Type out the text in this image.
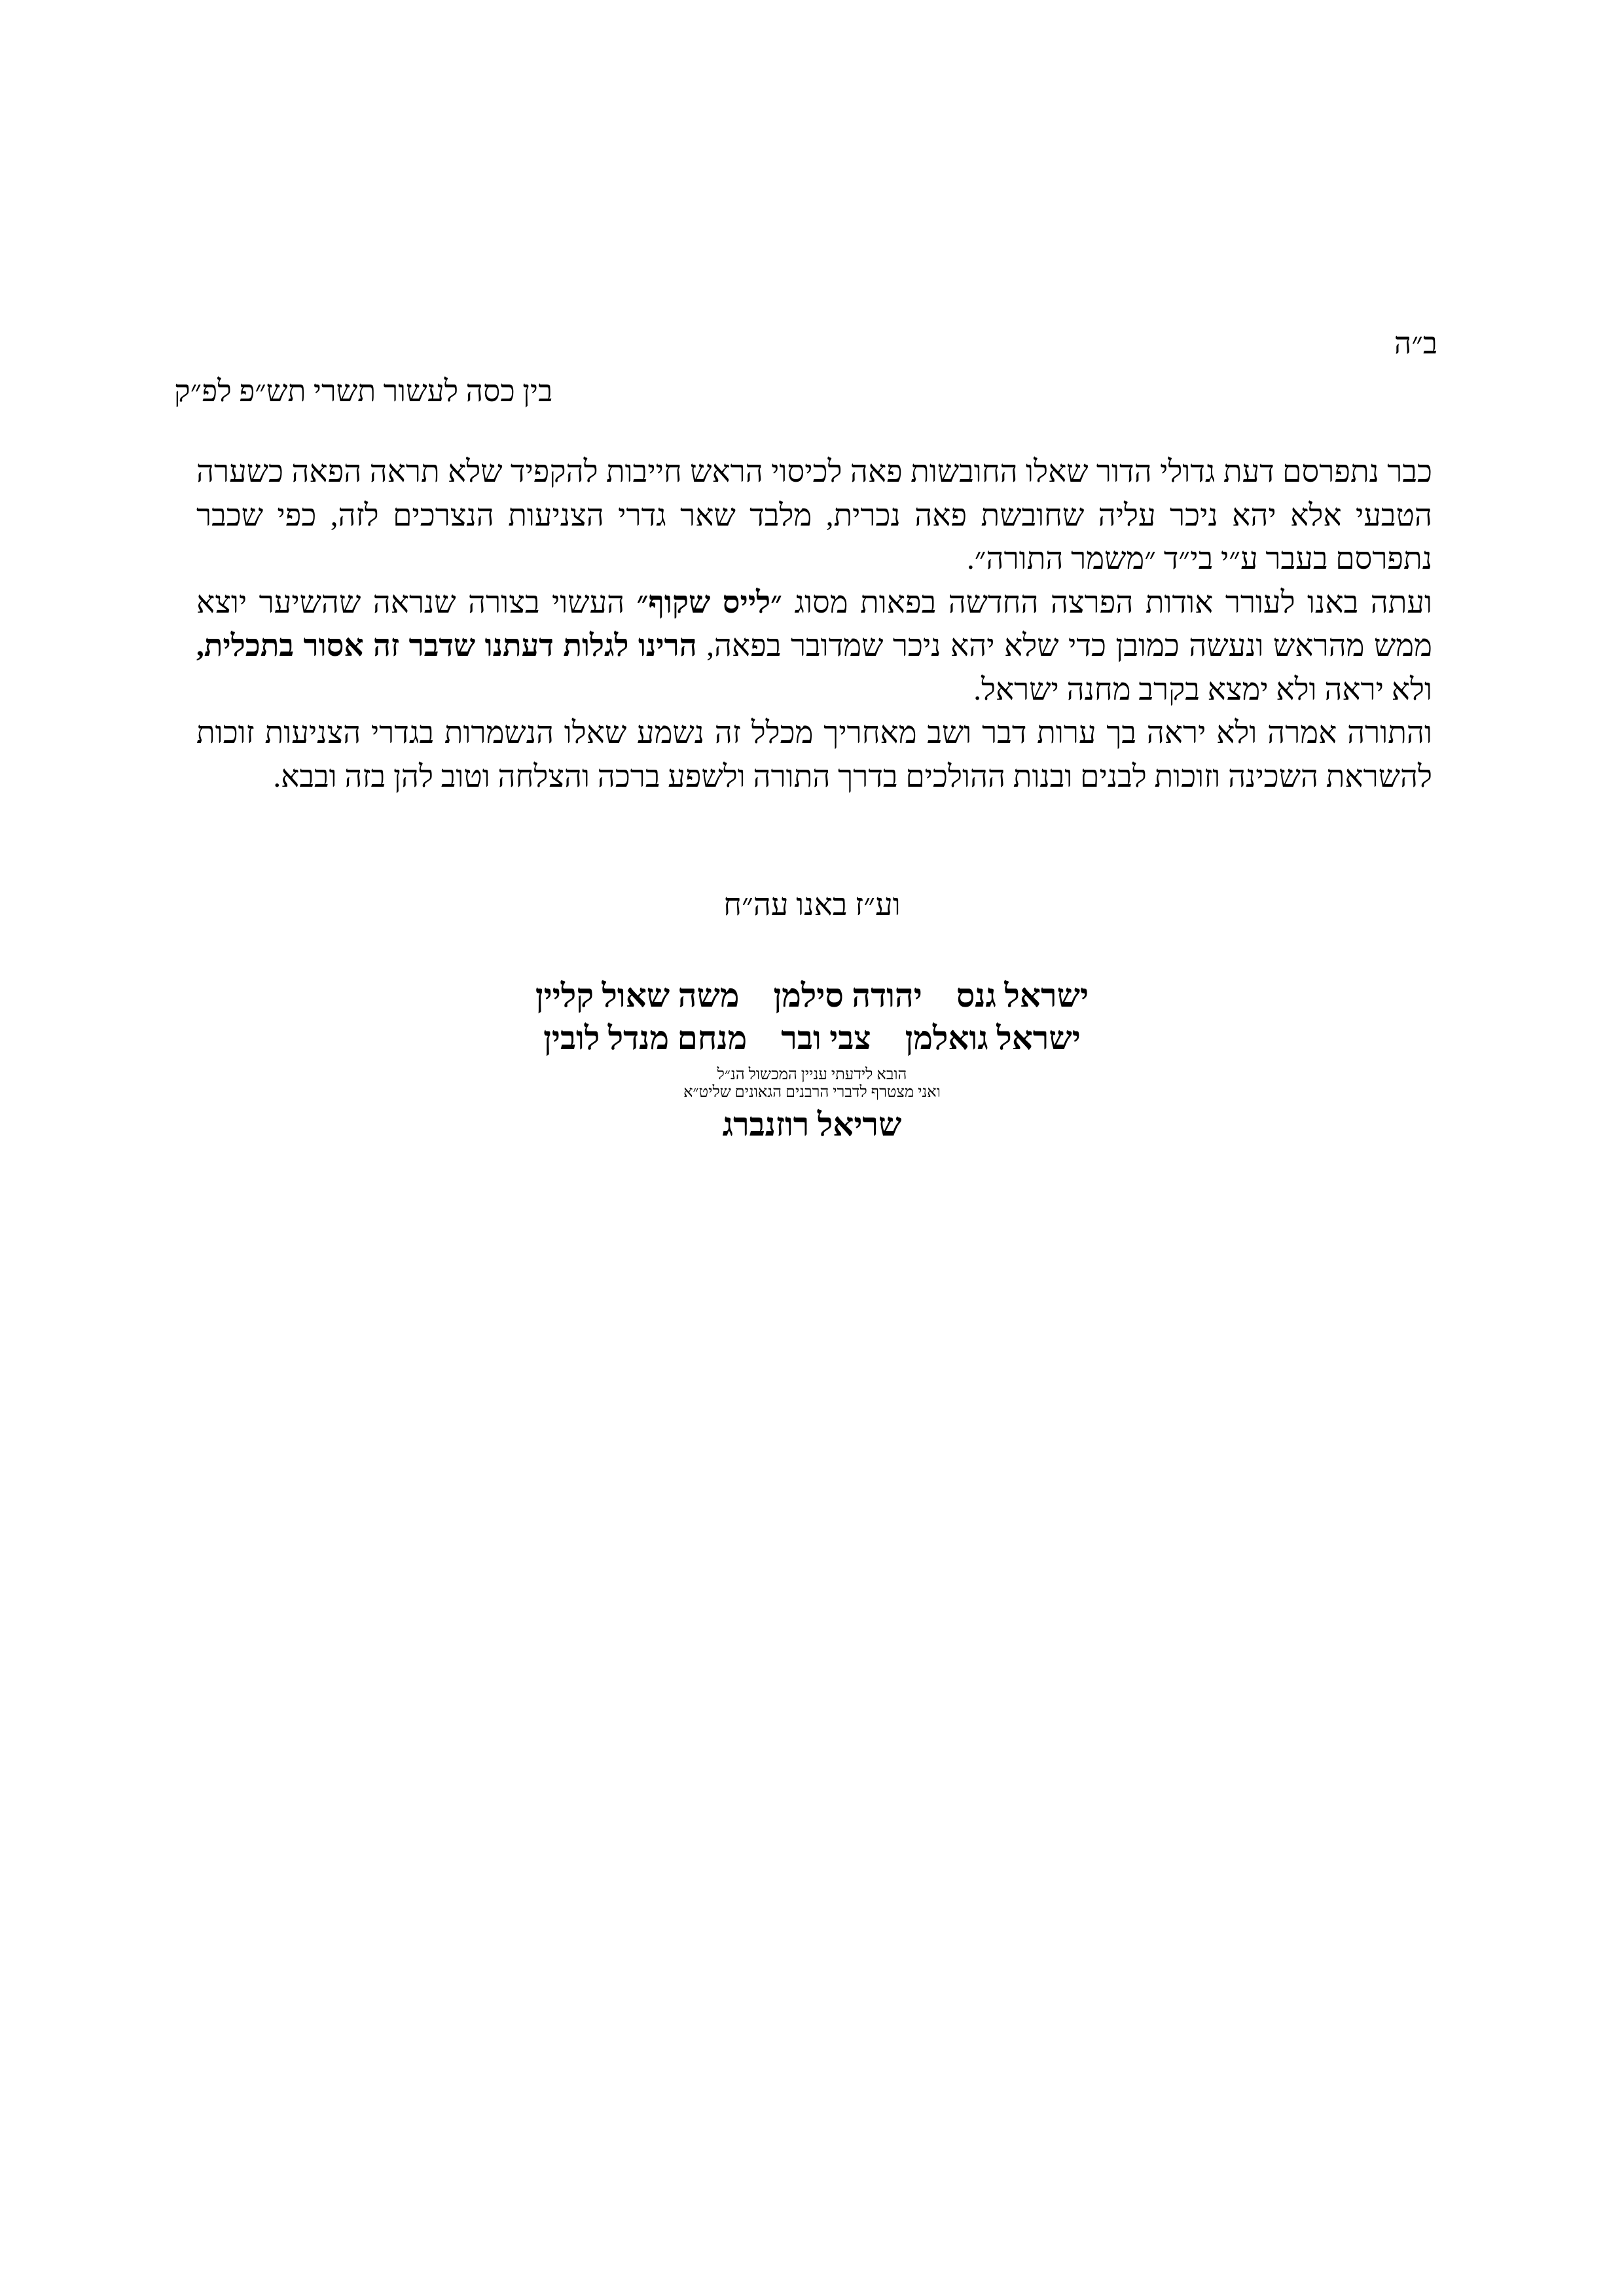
ב״ה
בין כסה לעשור תשרי תש״פ לפ״ק

כבר נתפרסם דעת גדולי הדור שאלו החובשות פאה לכיסוי הראש חייבות להקפיד שלא תראה הפאה כשערה הטבעי אלא יהא ניכר עליה שחובשת פאה נכרית, מלבד שאר גדרי הצניעות הנצרכים לזה, כפי שכבר נתפרסם בעבר ע״י בי״ד ״משמר התורה״.

ועתה באנו לעורר אודות הפרצה החדשה בפאות מסוג ״לייס שקוף״ העשוי בצורה שנראה שהשיער יוצא ממש מהראש ונעשה כמובן כדי שלא יהא ניכר שמדובר בפאה, הרינו לגלות דעתנו שדבר זה אסור בתכלית, ולא יראה ולא ימצא בקרב מחנה ישראל.

והתורה אמרה ולא יראה בך ערות דבר ושב מאחריך מכלל זה נשמע שאלו הנשמרות בגדרי הצניעות זוכות להשראת השכינה וזוכות לבנים ובנות ההולכים בדרך התורה ולשפע ברכה והצלחה וטוב להן בזה ובבא.

וע״ז באנו עה״ח
ישראל גנסיהודה סילמןמשה שאול קליין
ישראל גואלמןצבי וברמנחם מנדל לובין
הובא לידעתי עניין המכשול הנ״ל
ואני מצטרף לדברי הרבנים הגאונים שליט״א
שריאל רוזנברג
